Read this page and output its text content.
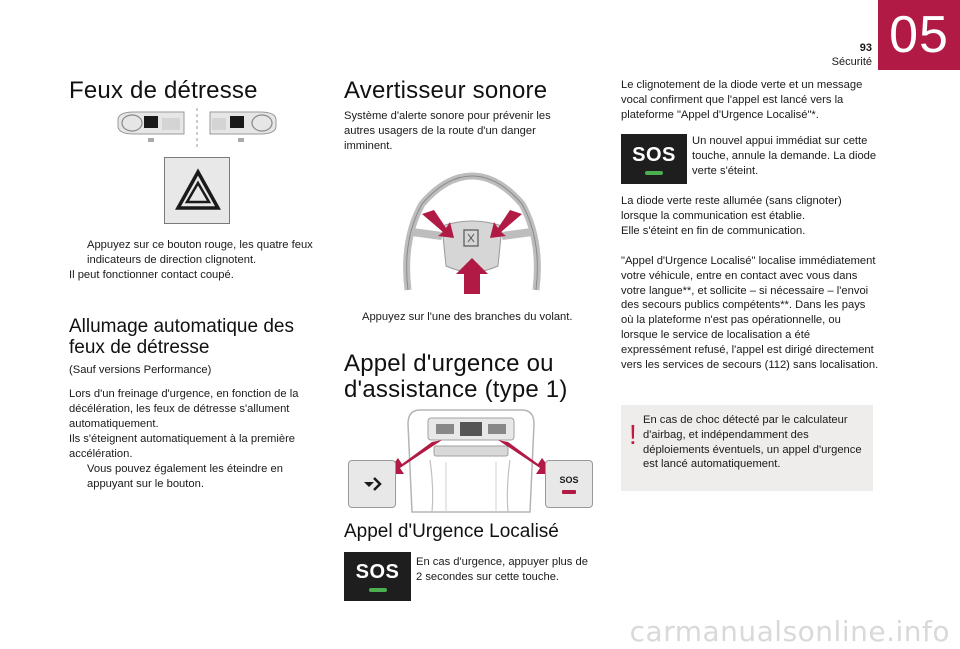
05
93
Sécurité
Feux de détresse
Appuyez sur ce bouton rouge, les quatre feux indicateurs de direction clignotent.
Il peut fonctionner contact coupé.
Allumage automatique des
feux de détresse
(Sauf versions Performance)
Lors d'un freinage d'urgence, en fonction de la décélération, les feux de détresse s'allument automatiquement.
Ils s'éteignent automatiquement à la première accélération.
Vous pouvez également les éteindre en appuyant sur le bouton.
Avertisseur sonore
Système d'alerte sonore pour prévenir les autres usagers de la route d'un danger imminent.
Appuyez sur l'une des branches du volant.
Appel d'urgence ou
d'assistance (type 1)
SOS
Appel d'Urgence Localisé
SOS En cas d'urgence, appuyer plus de 2 secondes sur cette touche.
Le clignotement de la diode verte et un message vocal confirment que l'appel est lancé vers la plateforme "Appel d'Urgence Localisé"*.
SOS
Un nouvel appui immédiat sur cette touche, annule la demande. La diode verte s'éteint.
La diode verte reste allumée (sans clignoter) lorsque la communication est établie.
Elle s'éteint en fin de communication.
"Appel d'Urgence Localisé" localise immédiatement votre véhicule, entre en contact avec vous dans votre langue**, et sollicite – si nécessaire – l'envoi des secours publics compétents**. Dans les pays où la plateforme n'est pas opérationnelle, ou lorsque le service de localisation a été expressément refusé, l'appel est dirigé directement vers les services de secours (112) sans localisation.
! En cas de choc détecté par le calculateur d'airbag, et indépendamment des déploiements éventuels, un appel d'urgence est lancé automatiquement.
carmanualsonline.info
